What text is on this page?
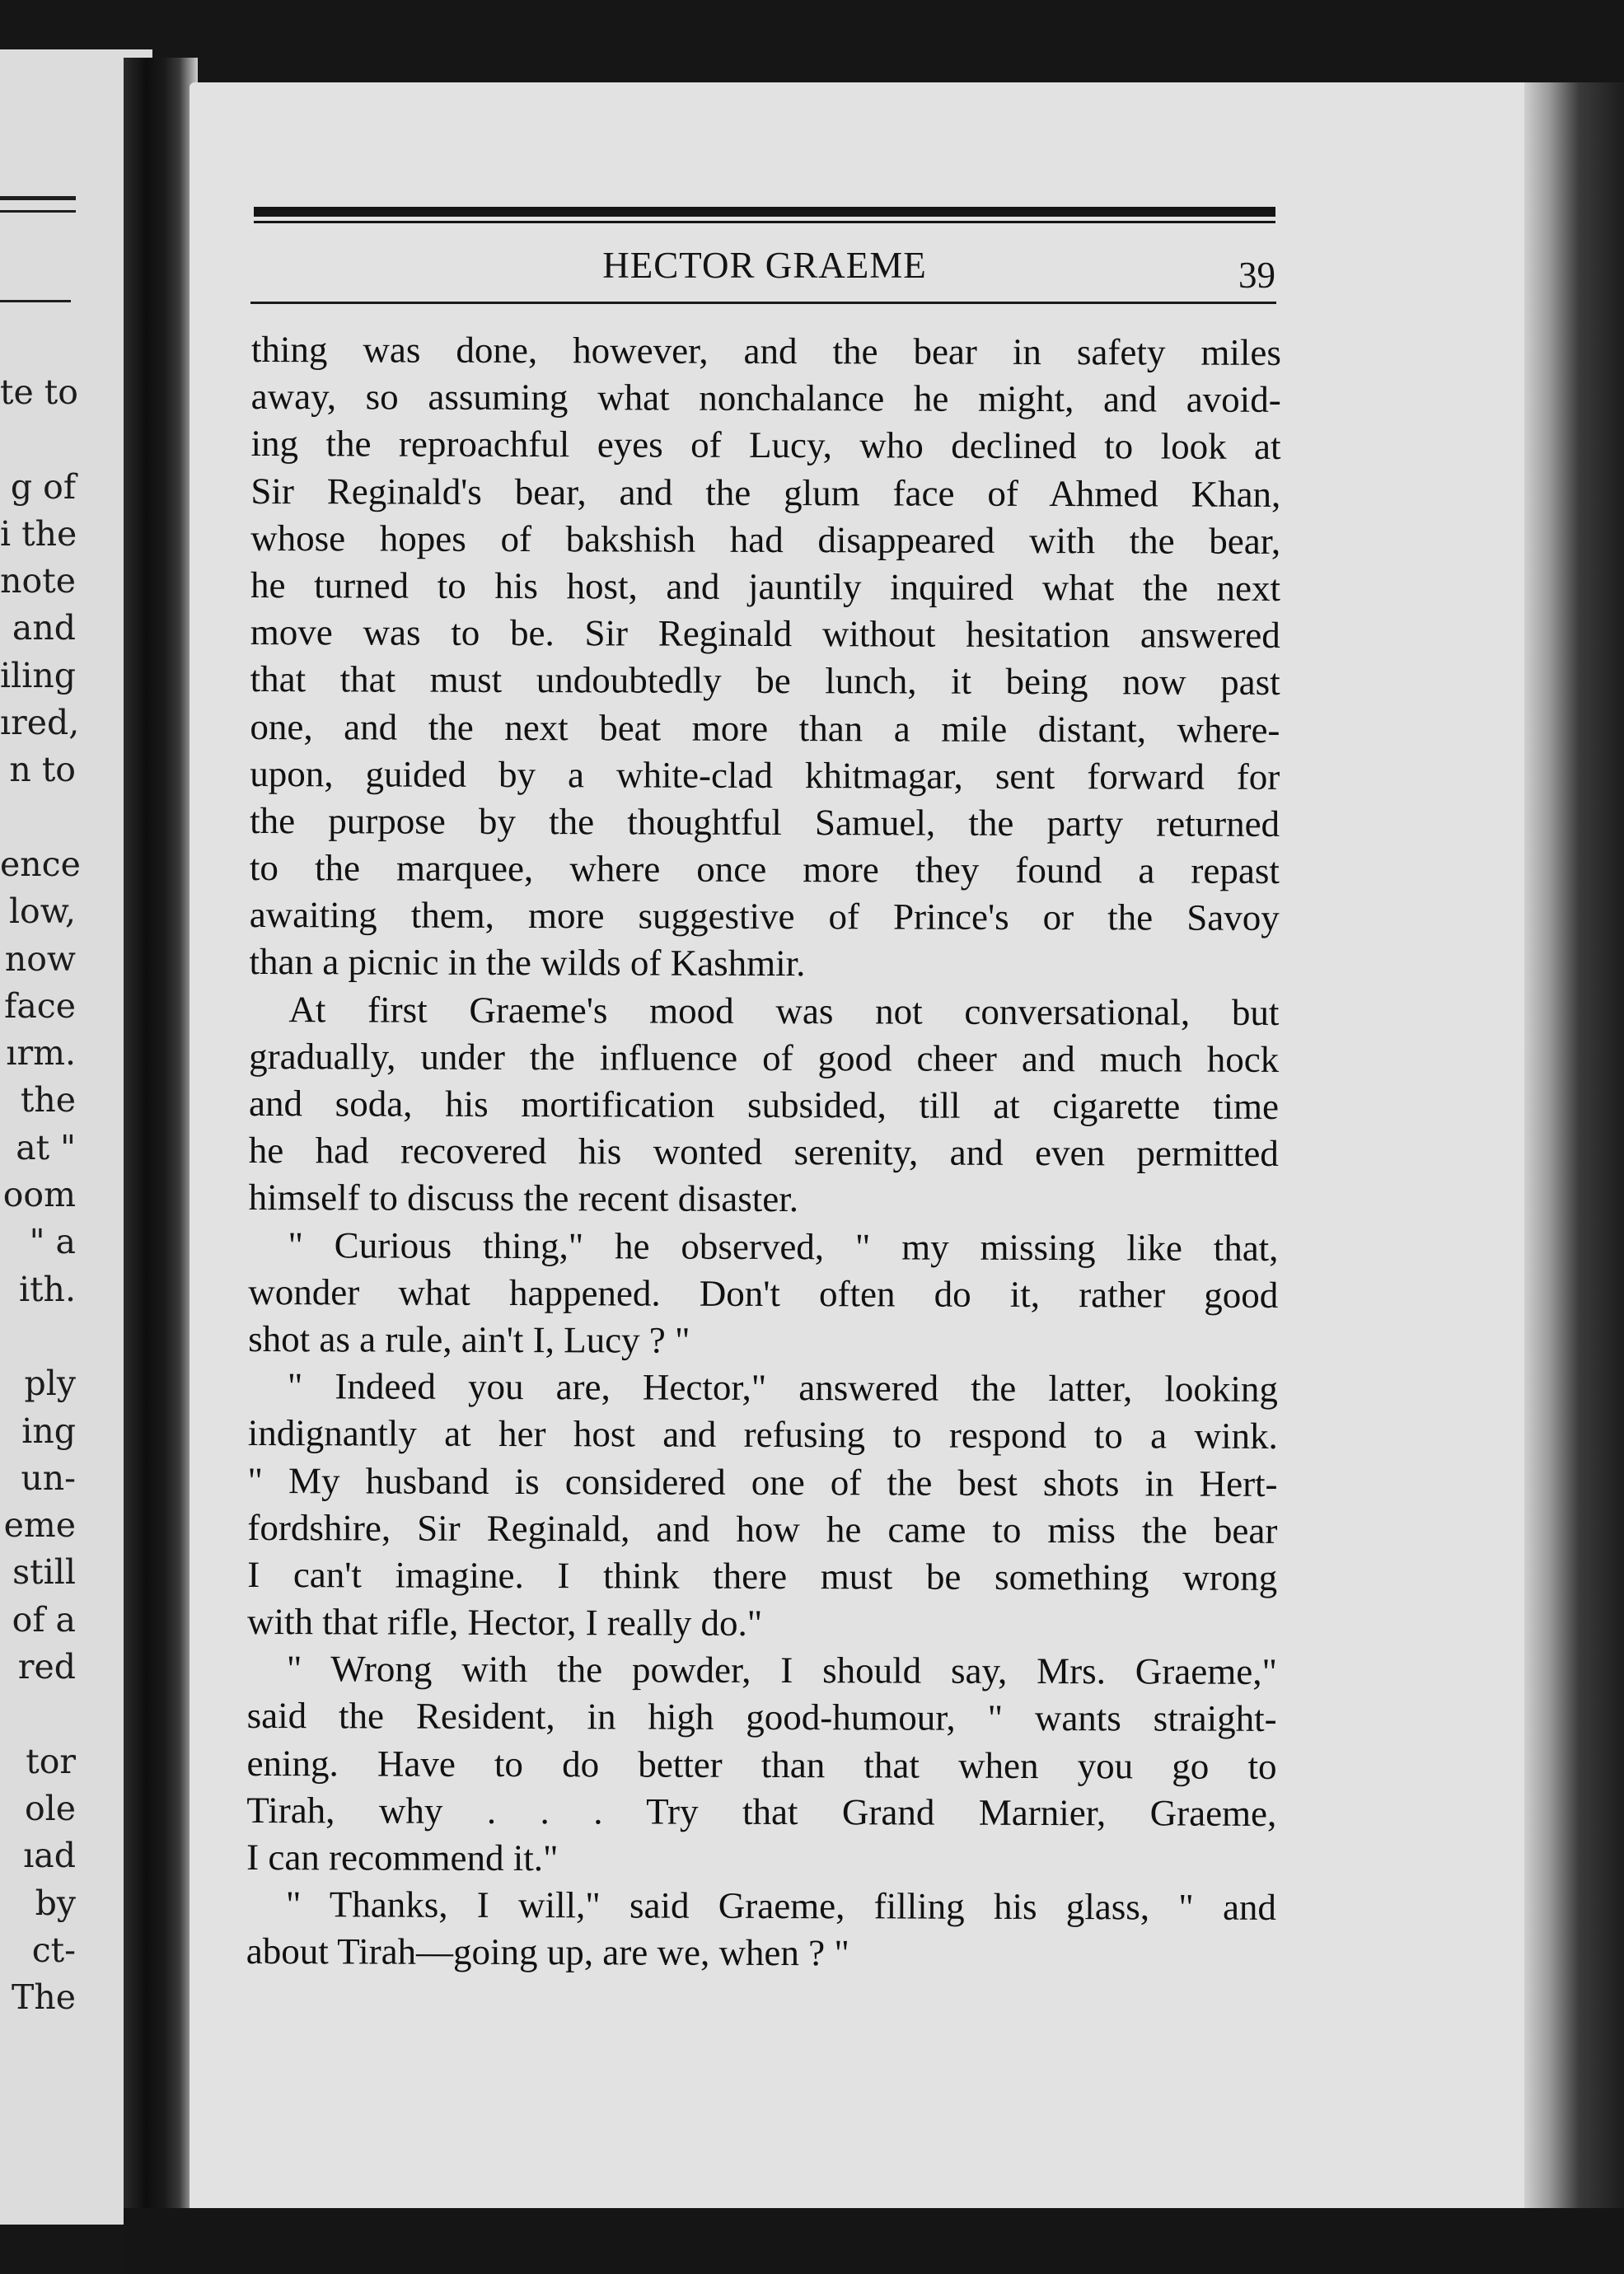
te to
g of
i the
note
and
iling
ıred,
n to
ence
low,
now
face
ırm.
the
at "
oom
" a
ith.
ply
ing
un-
eme
still
of a
red
tor
ole
ıad
by
ct-
The
HECTOR GRAEME	39
thing was done, however, and the bear in safety miles
away, so assuming what nonchalance he might, and avoid-
ing the reproachful eyes of Lucy, who declined to look at
Sir Reginald's bear, and the glum face of Ahmed Khan,
whose hopes of bakshish had disappeared with the bear,
he turned to his host, and jauntily inquired what the next
move was to be. Sir Reginald without hesitation answered
that that must undoubtedly be lunch, it being now past
one, and the next beat more than a mile distant, where-
upon, guided by a white-clad khitmagar, sent forward for
the purpose by the thoughtful Samuel, the party returned
to the marquee, where once more they found a repast
awaiting them, more suggestive of Prince's or the Savoy
than a picnic in the wilds of Kashmir.
At first Graeme's mood was not conversational, but
gradually, under the influence of good cheer and much hock
and soda, his mortification subsided, till at cigarette time
he had recovered his wonted serenity, and even permitted
himself to discuss the recent disaster.
" Curious thing," he observed, " my missing like that,
wonder what happened. Don't often do it, rather good
shot as a rule, ain't I, Lucy ? "
" Indeed you are, Hector," answered the latter, looking
indignantly at her host and refusing to respond to a wink.
" My husband is considered one of the best shots in Hert-
fordshire, Sir Reginald, and how he came to miss the bear
I can't imagine. I think there must be something wrong
with that rifle, Hector, I really do."
" Wrong with the powder, I should say, Mrs. Graeme,"
said the Resident, in high good-humour, " wants straight-
ening. Have to do better than that when you go to
Tirah, why . . . Try that Grand Marnier, Graeme,
I can recommend it."
" Thanks, I will," said Graeme, filling his glass, " and
about Tirah—going up, are we, when ? "
